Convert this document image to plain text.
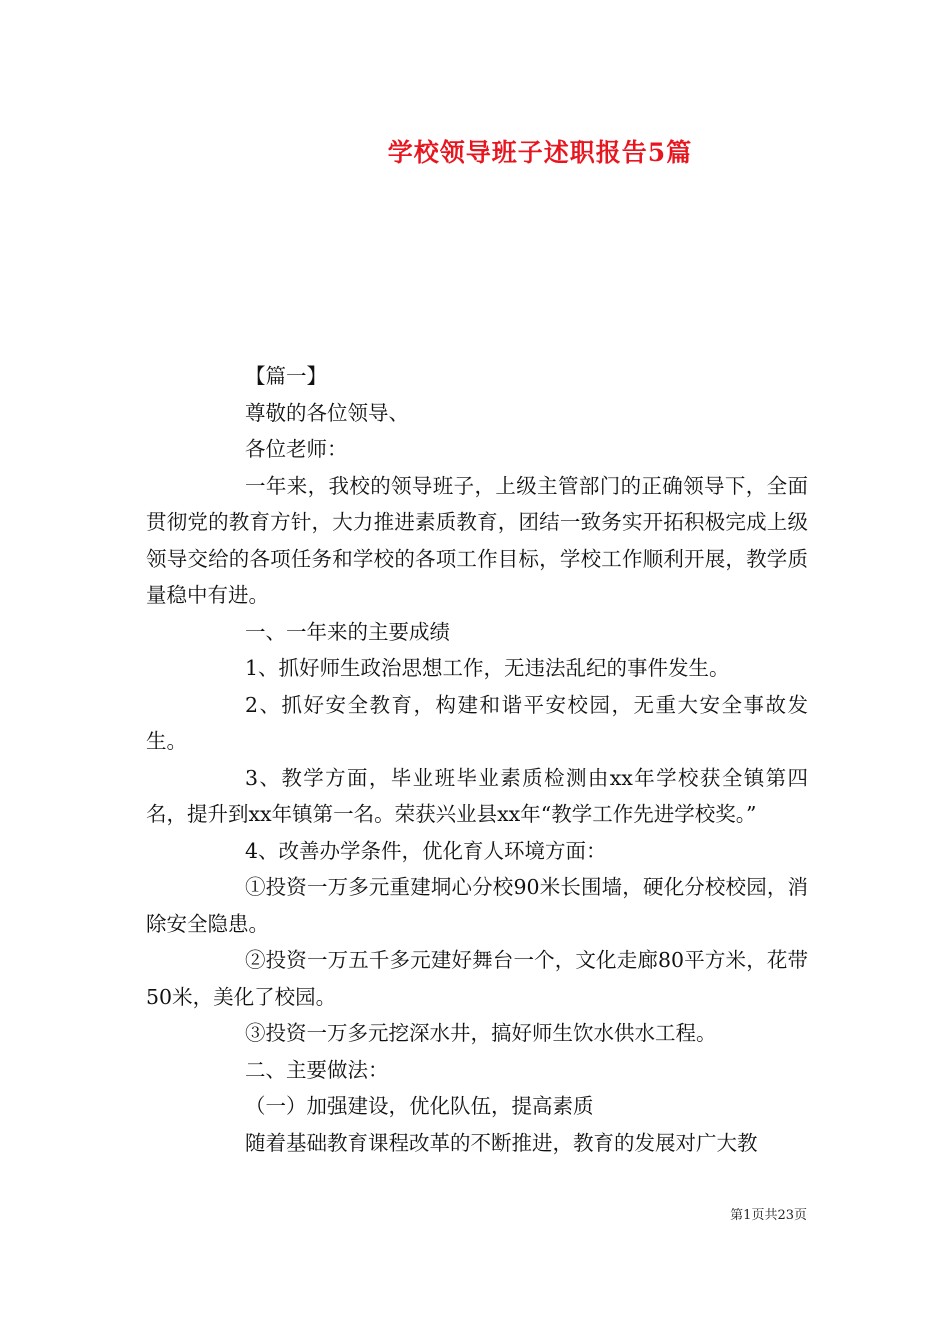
学校领导班子述职报告5篇

【篇一】

尊敬的各位领导、

各位老师：

一年来，我校的领导班子，上级主管部门的正确领导下，全面贯彻党的教育方针，大力推进素质教育，团结一致务实开拓积极完成上级领导交给的各项任务和学校的各项工作目标，学校工作顺利开展，教学质量稳中有进。

一、一年来的主要成绩

1、抓好师生政治思想工作，无违法乱纪的事件发生。

2、抓好安全教育，构建和谐平安校园，无重大安全事故发生。

3、教学方面，毕业班毕业素质检测由xx年学校获全镇第四名，提升到xx年镇第一名。荣获兴业县xx年“教学工作先进学校奖。”

4、改善办学条件，优化育人环境方面：

①投资一万多元重建垌心分校90米长围墙，硬化分校校园，消除安全隐患。

②投资一万五千多元建好舞台一个，文化走廊80平方米，花带50米，美化了校园。

③投资一万多元挖深水井，搞好师生饮水供水工程。

二、主要做法：

（一）加强建设，优化队伍，提高素质

随着基础教育课程改革的不断推进，教育的发展对广大教

第1页共23页
